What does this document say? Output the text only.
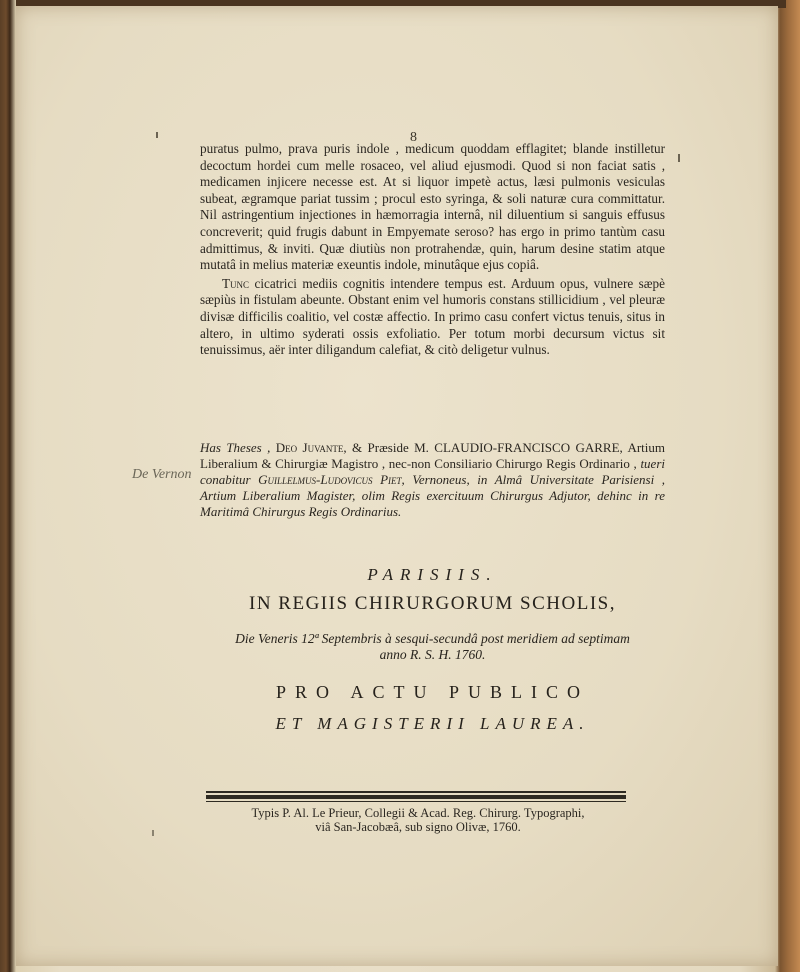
8

puratus pulmo, prava puris indole , medicum quoddam efflagitet; blande instilletur decoctum hordei cum melle rosaceo, vel aliud ejusmodi. Quod si non faciat satis , medicamen injicere necesse est. At si liquor impetè actus, læsi pulmonis vesiculas subeat, ægramque pariat tussim ; procul esto syringa, & soli naturæ cura committatur. Nil astringentium injectiones in hæmorragia internâ, nil diluentium si sanguis effusus concreverit; quid frugis dabunt in Empyemate seroso? has ergo in primo tantùm casu admittimus, & inviti. Quæ diutiùs non protrahendæ, quin, harum desine statim atque mutatâ in melius materiæ exeuntis indole, minutâque ejus copiâ.

Tunc cicatrici mediis cognitis intendere tempus est. Arduum opus, vulnere sæpè sæpiùs in fistulam abeunte. Obstant enim vel humoris constans stillicidium , vel pleuræ divisæ difficilis coalitio, vel costæ affectio. In primo casu confert victus tenuis, situs in altero, in ultimo syderati ossis exfoliatio. Per totum morbi decursum victus sit tenuissimus, aër inter diligandum calefiat, & citò deligetur vulnus.

De Vernon
Has Theses , Deo Juvante, & Præside M. CLAUDIO-FRANCISCO GARRE, Artium Liberalium & Chirurgiæ Magistro , nec-non Consiliario Chirurgo Regis Ordinario , tueri conabitur Guillelmus-Ludovicus Piet, Vernoneus, in Almâ Universitate Parisiensi , Artium Liberalium Magister, olim Regis exercituum Chirurgus Adjutor, dehinc in re Maritimâ Chirurgus Regis Ordinarius.
PARISIIS.
IN REGIIS CHIRURGORUM SCHOLIS,
Die Veneris 12ª Septembris à sesqui-secundâ post meridiem ad septimam
anno R. S. H. 1760.
PRO ACTU PUBLICO
ET MAGISTERII LAUREA.
Typis P. Al. Le Prieur, Collegii & Acad. Reg. Chirurg. Typographi,
viâ San-Jacobæâ, sub signo Olivæ, 1760.
